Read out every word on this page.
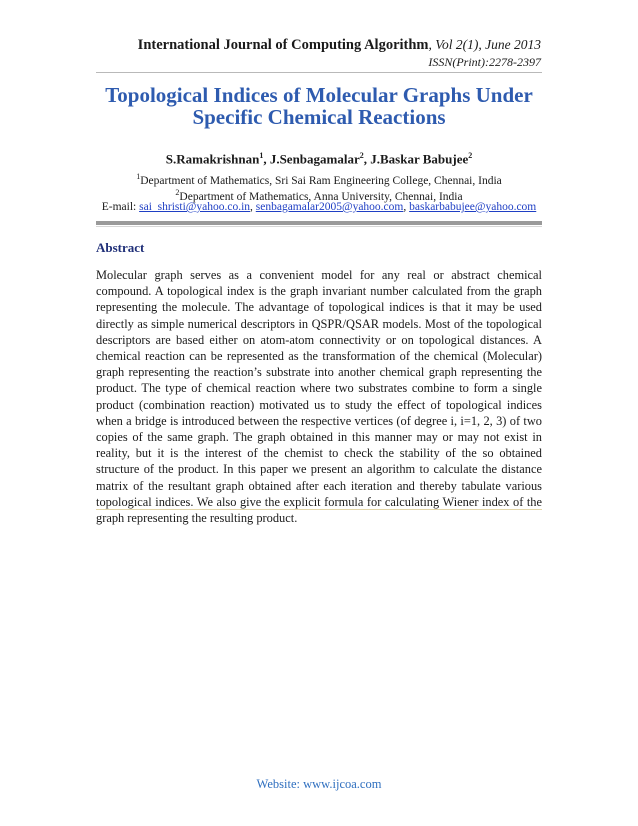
International Journal of Computing Algorithm, Vol 2(1), June 2013
ISSN(Print):2278-2397
Topological Indices of Molecular Graphs Under
Specific Chemical Reactions
S.Ramakrishnan$^1$, J.Senbagamalar$^2$, J.Baskar Babujee$^2$
$^1$Department of Mathematics, Sri Sai Ram Engineering College, Chennai, India
$^2$Department of Mathematics, Anna University, Chennai, India
E-mail: sai_shristi@yahoo.co.in, senbagamalar2005@yahoo.com, baskarbabujee@yahoo.com
Abstract

Molecular graph serves as a convenient model for any real or abstract chemical compound. A topological index is the graph invariant number calculated from the graph representing the molecule. The advantage of topological indices is that it may be used directly as simple numerical descriptors in QSPR/QSAR models. Most of the topological descriptors are based either on atom-atom connectivity or on topological distances. A chemical reaction can be represented as the transformation of the chemical (Molecular) graph representing the reaction’s substrate into another chemical graph representing the product. The type of chemical reaction where two substrates combine to form a single product (combination reaction) motivated us to study the effect of topological indices when a bridge is introduced between the respective vertices (of degree i, i=1, 2, 3) of two copies of the same graph. The graph obtained in this manner may or may not exist in reality, but it is the interest of the chemist to check the stability of the so obtained structure of the product. In this paper we present an algorithm to calculate the distance matrix of the resultant graph obtained after each iteration and thereby tabulate various topological indices. We also give the explicit formula for calculating Wiener index of the graph representing the resulting product.

Website: www.ijcoa.com
